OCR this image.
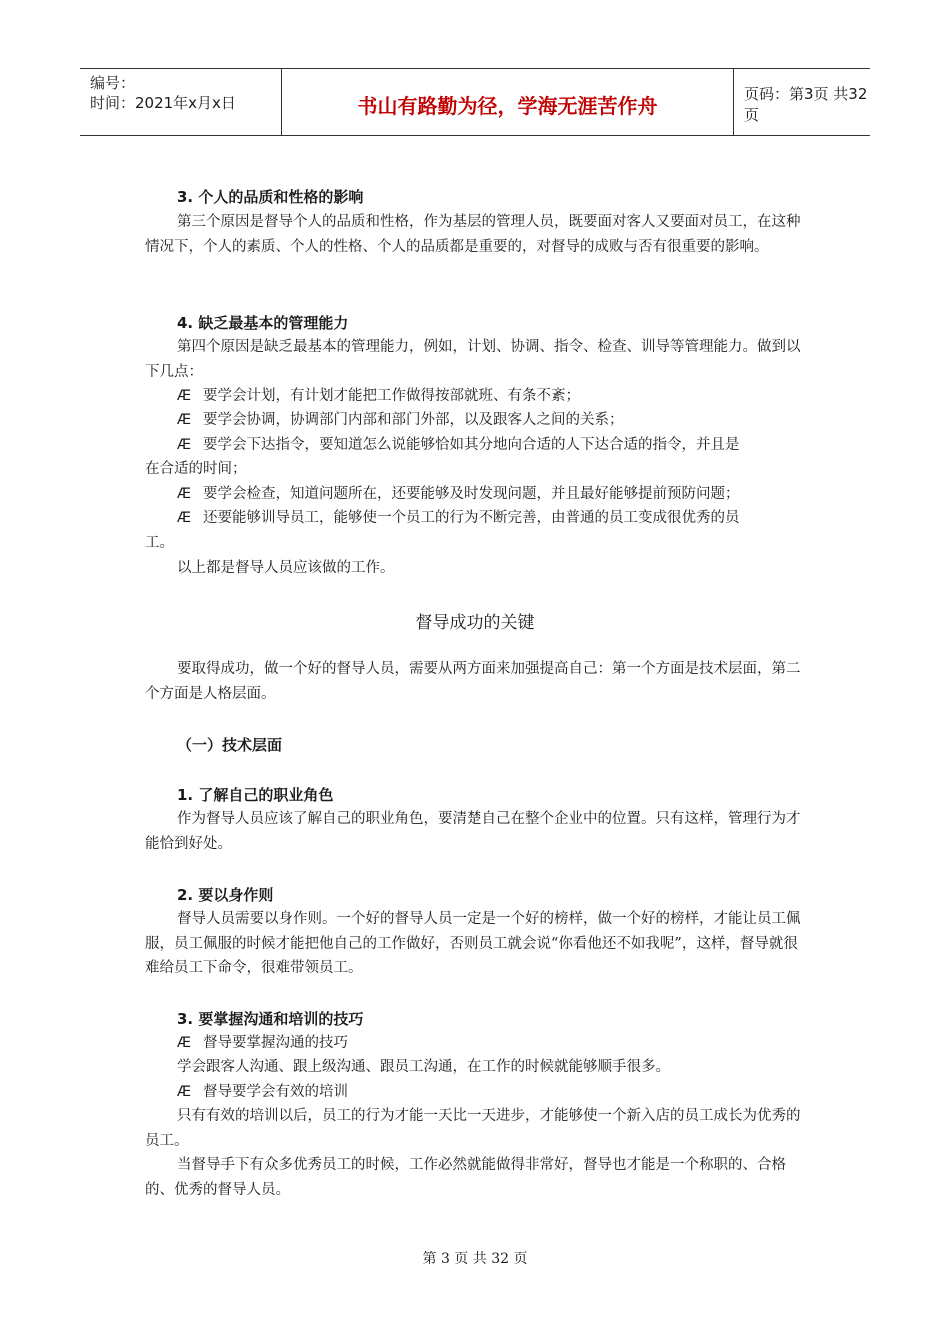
编号：
时间：2021年x月x日	书山有路勤为径，学海无涯苦作舟	页码：第3页 共32页

3. 个人的品质和性格的影响

第三个原因是督导个人的品质和性格，作为基层的管理人员，既要面对客人又要面对员工，在这种情况下，个人的素质、个人的性格、个人的品质都是重要的，对督导的成败与否有很重要的影响。

4. 缺乏最基本的管理能力

第四个原因是缺乏最基本的管理能力，例如，计划、协调、指令、检查、训导等管理能力。做到以下几点：

Æ 要学会计划，有计划才能把工作做得按部就班、有条不紊；

Æ 要学会协调，协调部门内部和部门外部，以及跟客人之间的关系；

Æ 要学会下达指令，要知道怎么说能够恰如其分地向合适的人下达合适的指令，并且是

在合适的时间；

Æ 要学会检查，知道问题所在，还要能够及时发现问题，并且最好能够提前预防问题；

Æ 还要能够训导员工，能够使一个员工的行为不断完善，由普通的员工变成很优秀的员

工。

以上都是督导人员应该做的工作。

督导成功的关键

要取得成功，做一个好的督导人员，需要从两方面来加强提高自己：第一个方面是技术层面，第二个方面是人格层面。

（一）技术层面

1. 了解自己的职业角色

作为督导人员应该了解自己的职业角色，要清楚自己在整个企业中的位置。只有这样，管理行为才能恰到好处。

2. 要以身作则

督导人员需要以身作则。一个好的督导人员一定是一个好的榜样，做一个好的榜样，才能让员工佩服，员工佩服的时候才能把他自己的工作做好，否则员工就会说“你看他还不如我呢”，这样，督导就很难给员工下命令，很难带领员工。

3. 要掌握沟通和培训的技巧

Æ 督导要掌握沟通的技巧

学会跟客人沟通、跟上级沟通、跟员工沟通，在工作的时候就能够顺手很多。

Æ 督导要学会有效的培训

只有有效的培训以后，员工的行为才能一天比一天进步，才能够使一个新入店的员工成长为优秀的员工。

当督导手下有众多优秀员工的时候，工作必然就能做得非常好，督导也才能是一个称职的、合格的、优秀的督导人员。

第 3 页 共 32 页
